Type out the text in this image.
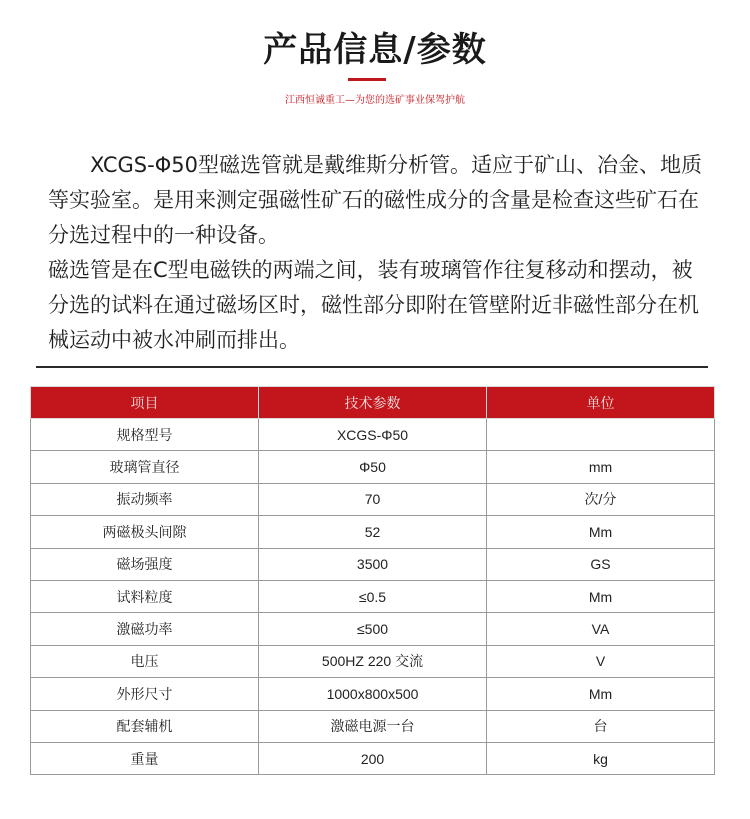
产品信息/参数
江西恒诚重工—为您的选矿事业保驾护航

XCGS-Φ50型磁选管就是戴维斯分析管。适应于矿山、冶金、地质等实验室。是用来测定强磁性矿石的磁性成分的含量是检查这些矿石在分选过程中的一种设备。

磁选管是在C型电磁铁的两端之间，装有玻璃管作往复移动和摆动，被分选的试料在通过磁场区时，磁性部分即附在管壁附近非磁性部分在机械运动中被水冲刷而排出。

项目	技术参数	单位
规格型号	XCGS-Φ50	
玻璃管直径	Φ50	mm
振动频率	70	次/分
两磁极头间隙	52	Mm
磁场强度	3500	GS
试料粒度	≤0.5	Mm
激磁功率	≤500	VA
电压	500HZ 220 交流	V
外形尺寸	1000x800x500	Mm
配套辅机	激磁电源一台	台
重量	200	kg
